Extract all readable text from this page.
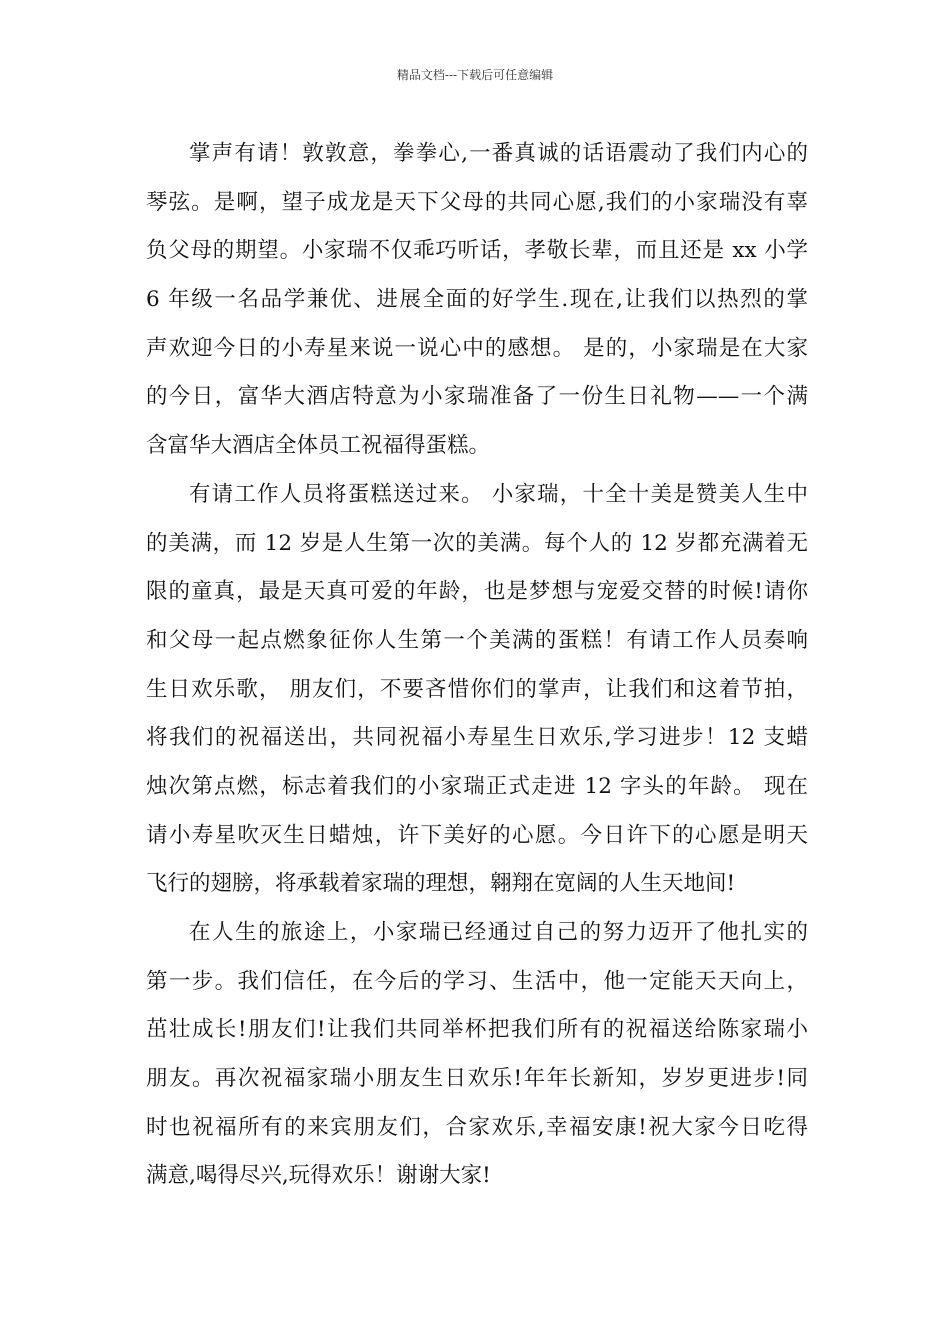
精品文档---下载后可任意编辑
掌声有请！敦敦意，拳拳心,一番真诚的话语震动了我们内心的
琴弦。是啊，望子成龙是天下父母的共同心愿,我们的小家瑞没有辜
负父母的期望。小家瑞不仅乖巧听话，孝敬长辈，而且还是 xx 小学
6 年级一名品学兼优、进展全面的好学生.现在,让我们以热烈的掌
声欢迎今日的小寿星来说一说心中的感想。 是的，小家瑞是在大家
的今日，富华大酒店特意为小家瑞准备了一份生日礼物——一个满
含富华大酒店全体员工祝福得蛋糕。
有请工作人员将蛋糕送过来。 小家瑞，十全十美是赞美人生中
的美满，而 12 岁是人生第一次的美满。每个人的 12 岁都充满着无
限的童真，最是天真可爱的年龄，也是梦想与宠爱交替的时候!请你
和父母一起点燃象征你人生第一个美满的蛋糕！有请工作人员奏响
生日欢乐歌， 朋友们，不要吝惜你们的掌声，让我们和这着节拍，
将我们的祝福送出，共同祝福小寿星生日欢乐,学习进步！12 支蜡
烛次第点燃，标志着我们的小家瑞正式走进 12 字头的年龄。 现在
请小寿星吹灭生日蜡烛，许下美好的心愿。今日许下的心愿是明天
飞行的翅膀，将承载着家瑞的理想，翱翔在宽阔的人生天地间!
在人生的旅途上，小家瑞已经通过自己的努力迈开了他扎实的
第一步。我们信任，在今后的学习、生活中，他一定能天天向上，
茁壮成长!朋友们!让我们共同举杯把我们所有的祝福送给陈家瑞小
朋友。再次祝福家瑞小朋友生日欢乐!年年长新知，岁岁更进步!同
时也祝福所有的来宾朋友们，合家欢乐,幸福安康!祝大家今日吃得
满意,喝得尽兴,玩得欢乐！谢谢大家!
